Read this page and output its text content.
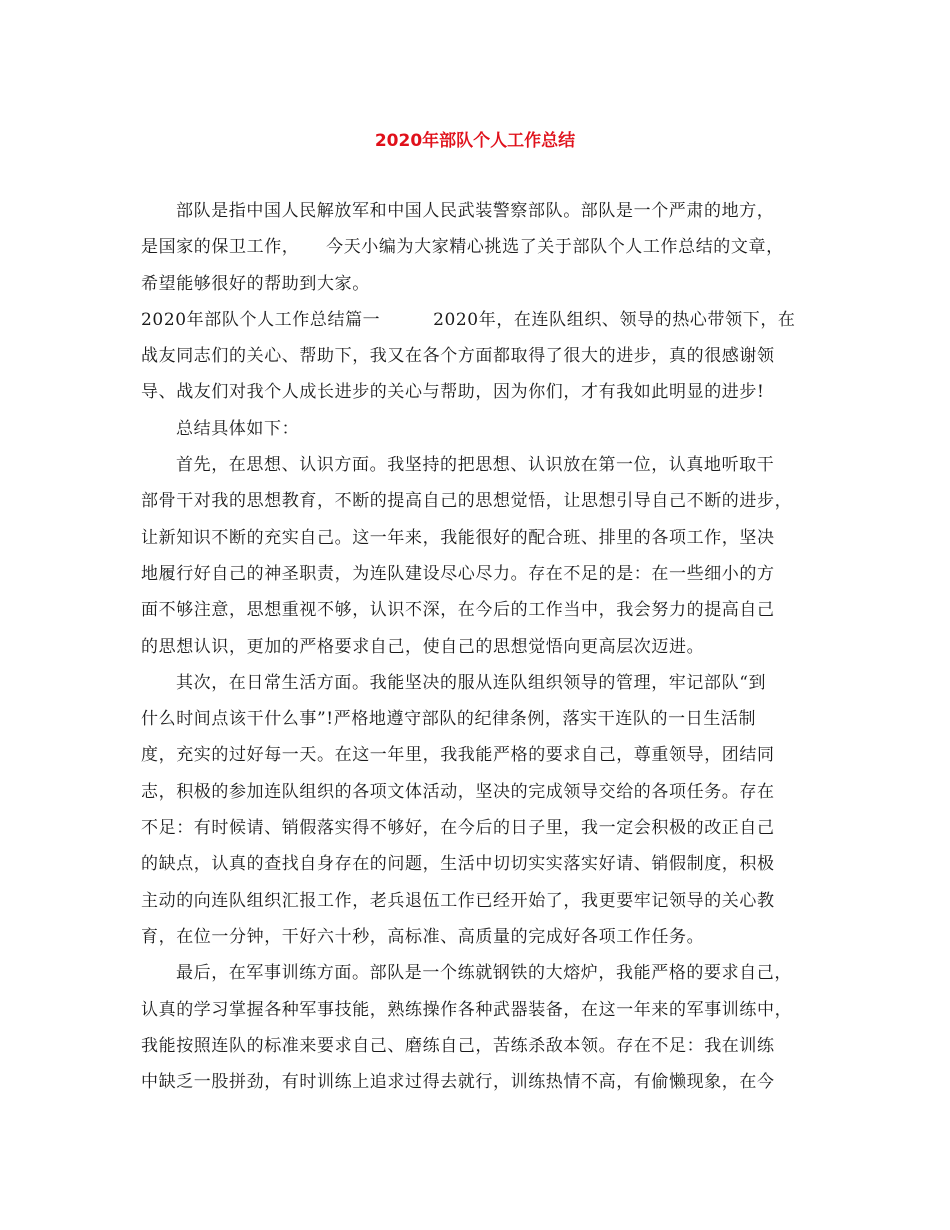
2020年部队个人工作总结
部队是指中国人民解放军和中国人民武装警察部队。部队是一个严肃的地方，
是国家的保卫工作，　　今天小编为大家精心挑选了关于部队个人工作总结的文章，
希望能够很好的帮助到大家。
2020年部队个人工作总结篇一　　　2020年，在连队组织、领导的热心带领下，在
战友同志们的关心、帮助下，我又在各个方面都取得了很大的进步，真的很感谢领
导、战友们对我个人成长进步的关心与帮助，因为你们，才有我如此明显的进步!
总结具体如下：
首先，在思想、认识方面。我坚持的把思想、认识放在第一位，认真地听取干
部骨干对我的思想教育，不断的提高自己的思想觉悟，让思想引导自己不断的进步，
让新知识不断的充实自己。这一年来，我能很好的配合班、排里的各项工作，坚决
地履行好自己的神圣职责，为连队建设尽心尽力。存在不足的是：在一些细小的方
面不够注意，思想重视不够，认识不深，在今后的工作当中，我会努力的提高自己
的思想认识，更加的严格要求自己，使自己的思想觉悟向更高层次迈进。
其次，在日常生活方面。我能坚决的服从连队组织领导的管理，牢记部队“到
什么时间点该干什么事”!严格地遵守部队的纪律条例，落实干连队的一日生活制
度，充实的过好每一天。在这一年里，我我能严格的要求自己，尊重领导，团结同
志，积极的参加连队组织的各项文体活动，坚决的完成领导交给的各项任务。存在
不足：有时候请、销假落实得不够好，在今后的日子里，我一定会积极的改正自己
的缺点，认真的查找自身存在的问题，生活中切切实实落实好请、销假制度，积极
主动的向连队组织汇报工作，老兵退伍工作已经开始了，我更要牢记领导的关心教
育，在位一分钟，干好六十秒，高标准、高质量的完成好各项工作任务。
最后，在军事训练方面。部队是一个练就钢铁的大熔炉，我能严格的要求自己，
认真的学习掌握各种军事技能，熟练操作各种武器装备，在这一年来的军事训练中，
我能按照连队的标准来要求自己、磨练自己，苦练杀敌本领。存在不足：我在训练
中缺乏一股拼劲，有时训练上追求过得去就行，训练热情不高，有偷懒现象，在今
